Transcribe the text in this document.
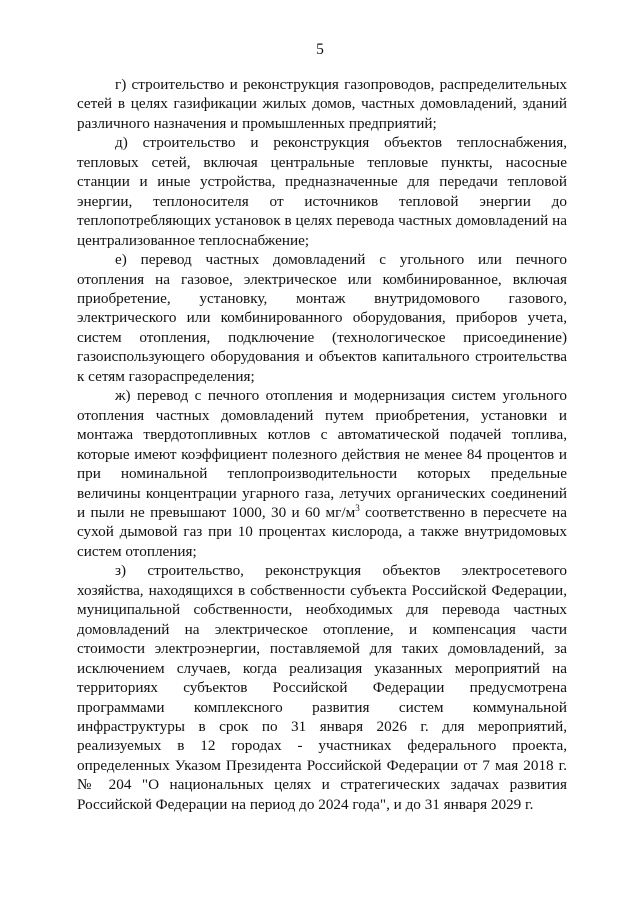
5

г) строительство и реконструкция газопроводов, распределительных сетей в целях газификации жилых домов, частных домовладений, зданий различного назначения и промышленных предприятий;

д) строительство и реконструкция объектов теплоснабжения, тепловых сетей, включая центральные тепловые пункты, насосные станции и иные устройства, предназначенные для передачи тепловой энергии, теплоносителя от источников тепловой энергии до теплопотребляющих установок в целях перевода частных домовладений на централизованное теплоснабжение;

е) перевод частных домовладений с угольного или печного отопления на газовое, электрическое или комбинированное, включая приобретение, установку, монтаж внутридомового газового, электрического или комбинированного оборудования, приборов учета, систем отопления, подключение (технологическое присоединение) газоиспользующего оборудования и объектов капитального строительства к сетям газораспределения;

ж) перевод с печного отопления и модернизация систем угольного отопления частных домовладений путем приобретения, установки и монтажа твердотопливных котлов с автоматической подачей топлива, которые имеют коэффициент полезного действия не менее 84 процентов и при номинальной теплопроизводительности которых предельные величины концентрации угарного газа, летучих органических соединений и пыли не превышают 1000, 30 и 60 $мг/м^3$ соответственно в пересчете на сухой дымовой газ при 10 процентах кислорода, а также внутридомовых систем отопления;

з) строительство, реконструкция объектов электросетевого хозяйства, находящихся в собственности субъекта Российской Федерации, муниципальной собственности, необходимых для перевода частных домовладений на электрическое отопление, и компенсация части стоимости электроэнергии, поставляемой для таких домовладений, за исключением случаев, когда реализация указанных мероприятий на территориях субъектов Российской Федерации предусмотрена программами комплексного развития систем коммунальной инфраструктуры в срок по 31 января 2026 г. для мероприятий, реализуемых в 12 городах - участниках федерального проекта, определенных Указом Президента Российской Федерации от 7 мая 2018 г. № 204 "О национальных целях и стратегических задачах развития Российской Федерации на период до 2024 года", и до 31 января 2029 г.
